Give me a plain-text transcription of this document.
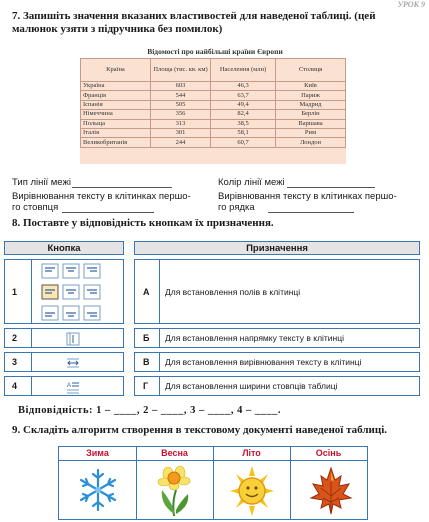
УРОК 9
7. Запишіть значення вказаних властивостей для наведеної таблиці. (цей малюнок узяти з підручника без помилок)
Відомості про найбільші країни Європи
Країна	Площа (тис. кв. км)	Населення (млн)	Столиця
Україна	603	46,3	Київ
Франція	544	63,7	Париж
Іспанія	505	49,4	Мадрид
Німеччина	356	82,4	Берлін
Польща	313	38,5	Варшава
Італія	301	58,1	Рим
Великобританія	244	60,7	Лондон
Тип лінії межі	Колір лінії межі
Вирівнювання тексту в клітинках першо-
го стовпця
Вирівнювання тексту в клітинках першо-
го рядка
8. Поставте у відповідність кнопкам їх призначення.
Кнопка	Призначення
1
2
3
4	A
А Для встановлення полів в клітинці
Б Для встановлення напрямку тексту в клітинці
В Для встановлення вирівнювання тексту в клітинці
Г Для встановлення ширини стовпців таблиці
Відповідність: 1 – ____, 2 – ____, 3 – ____, 4 – ____.
9. Складіть алгоритм створення в текстовому документі наведеної таблиці.
Зима	Весна	Літо	Осінь
